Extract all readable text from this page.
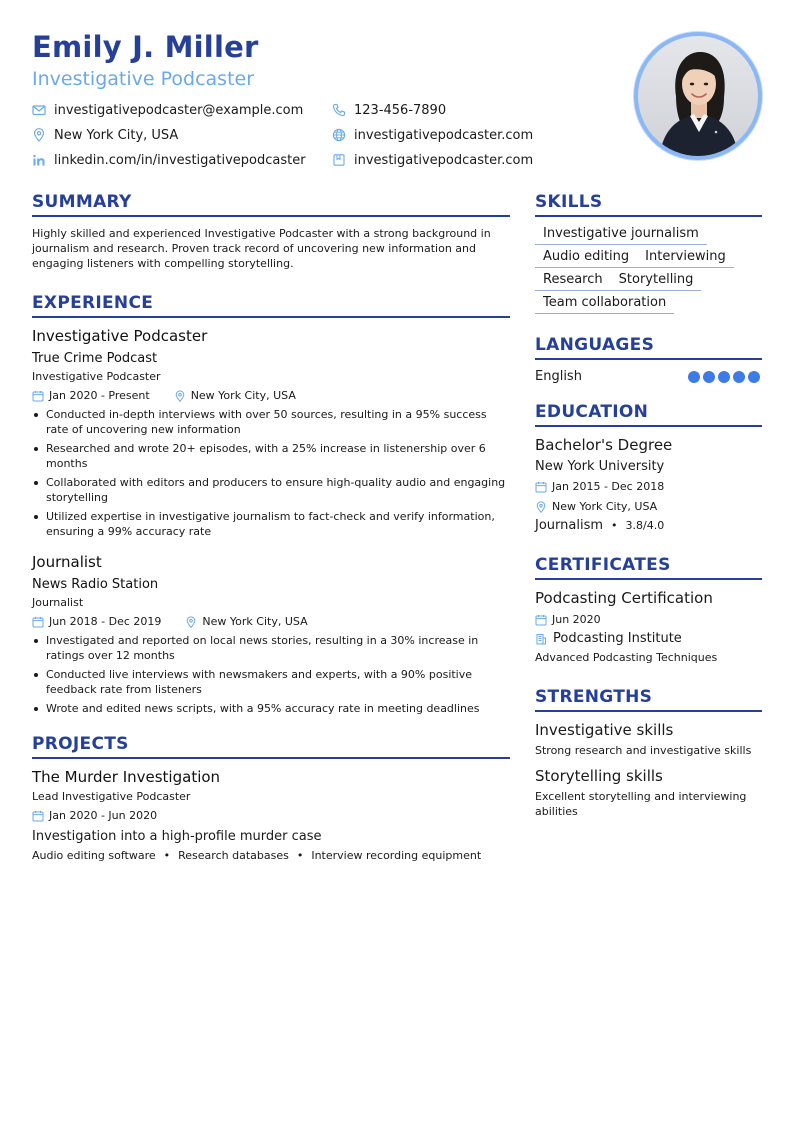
Emily J. Miller
Investigative Podcaster
investigativepodcaster@example.com	123-456-7890
New York City, USA	investigativepodcaster.com
linkedin.com/in/investigativepodcaster	investigativepodcaster.com
SUMMARY
Highly skilled and experienced Investigative Podcaster with a strong background in journalism and research. Proven track record of uncovering new information and engaging listeners with compelling storytelling.
EXPERIENCE
Investigative Podcaster
True Crime Podcast
Investigative Podcaster
Jan 2020 - Present	New York City, USA
Conducted in-depth interviews with over 50 sources, resulting in a 95% success rate of uncovering new information
Researched and wrote 20+ episodes, with a 25% increase in listenership over 6 months
Collaborated with editors and producers to ensure high-quality audio and engaging storytelling
Utilized expertise in investigative journalism to fact-check and verify information, ensuring a 99% accuracy rate
Journalist
News Radio Station
Journalist
Jun 2018 - Dec 2019	New York City, USA
Investigated and reported on local news stories, resulting in a 30% increase in ratings over 12 months
Conducted live interviews with newsmakers and experts, with a 90% positive feedback rate from listeners
Wrote and edited news scripts, with a 95% accuracy rate in meeting deadlines
PROJECTS
The Murder Investigation
Lead Investigative Podcaster
Jan 2020 - Jun 2020
Investigation into a high-profile murder case
Audio editing software • Research databases • Interview recording equipment
SKILLS
Investigative journalism
Audio editing	Interviewing
Research	Storytelling
Team collaboration
LANGUAGES
English
EDUCATION
Bachelor's Degree
New York University
Jan 2015 - Dec 2018
New York City, USA
Journalism • 3.8/4.0
CERTIFICATES
Podcasting Certification
Jun 2020
Podcasting Institute
Advanced Podcasting Techniques
STRENGTHS
Investigative skills
Strong research and investigative skills
Storytelling skills
Excellent storytelling and interviewing abilities
